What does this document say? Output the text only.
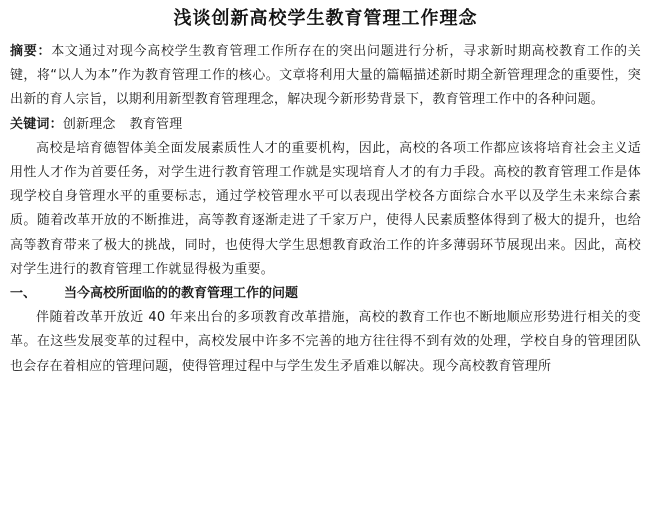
浅谈创新高校学生教育管理工作理念

摘要：本文通过对现今高校学生教育管理工作所存在的突出问题进行分析，寻求新时期高校教育工作的关键，将“以人为本”作为教育管理工作的核心。文章将利用大量的篇幅描述新时期全新管理理念的重要性，突出新的育人宗旨，以期利用新型教育管理理念，解决现今新形势背景下，教育管理工作中的各种问题。

关键词：创新理念 教育管理

高校是培育德智体美全面发展素质性人才的重要机构，因此，高校的各项工作都应该将培育社会主义适用性人才作为首要任务，对学生进行教育管理工作就是实现培育人才的有力手段。高校的教育管理工作是体现学校自身管理水平的重要标志，通过学校管理水平可以表现出学校各方面综合水平以及学生未来综合素质。随着改革开放的不断推进，高等教育逐渐走进了千家万户，使得人民素质整体得到了极大的提升，也给高等教育带来了极大的挑战，同时，也使得大学生思想教育政治工作的许多薄弱环节展现出来。因此，高校对学生进行的教育管理工作就显得极为重要。

一、	当今高校所面临的的教育管理工作的问题

伴随着改革开放近 40 年来出台的多项教育改革措施，高校的教育工作也不断地顺应形势进行相关的变革。在这些发展变革的过程中，高校发展中许多不完善的地方往往得不到有效的处理，学校自身的管理团队也会存在着相应的管理问题，使得管理过程中与学生发生矛盾难以解决。现今高校教育管理所
